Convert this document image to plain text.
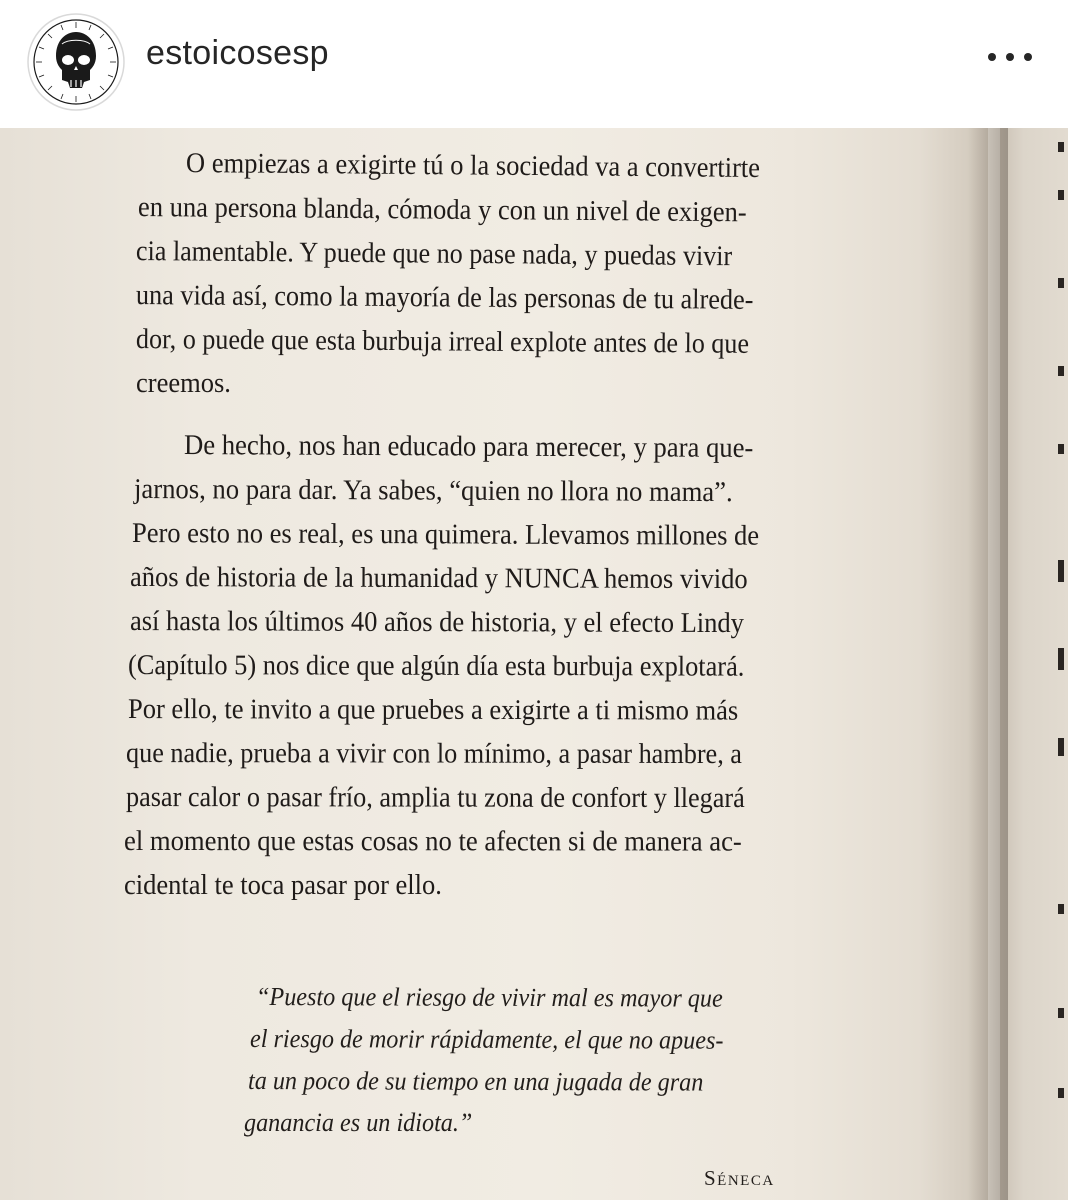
estoicosesp
O empiezas a exigirte tú o la sociedad va a convertirte
en una persona blanda, cómoda y con un nivel de exigen-
cia lamentable. Y puede que no pase nada, y puedas vivir
una vida así, como la mayoría de las personas de tu alrede-
dor, o puede que esta burbuja irreal explote antes de lo que
creemos.
De hecho, nos han educado para merecer, y para que-
jarnos, no para dar. Ya sabes, “quien no llora no mama”.
Pero esto no es real, es una quimera. Llevamos millones de
años de historia de la humanidad y NUNCA hemos vivido
así hasta los últimos 40 años de historia, y el efecto Lindy
(Capítulo 5) nos dice que algún día esta burbuja explotará.
Por ello, te invito a que pruebes a exigirte a ti mismo más
que nadie, prueba a vivir con lo mínimo, a pasar hambre, a
pasar calor o pasar frío, amplia tu zona de confort y llegará
el momento que estas cosas no te afecten si de manera ac-
cidental te toca pasar por ello.
“Puesto que el riesgo de vivir mal es mayor que
el riesgo de morir rápidamente, el que no apues-
ta un poco de su tiempo en una jugada de gran
ganancia es un idiota.”
Séneca
